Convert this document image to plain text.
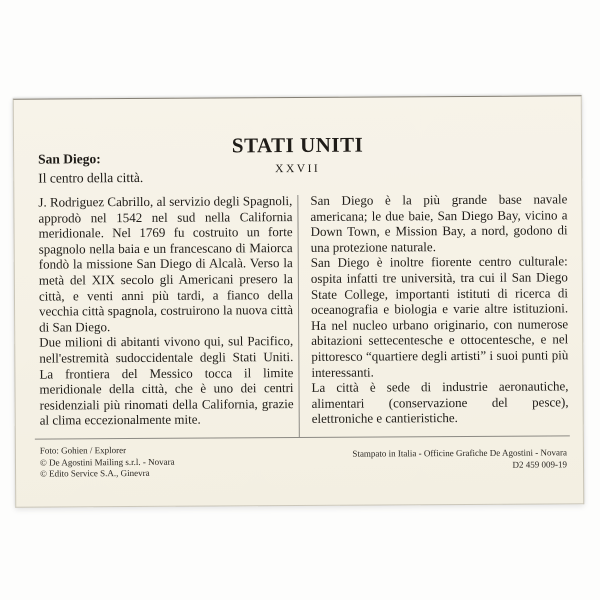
STATI UNITI
XXVII
San Diego:
Il centro della città.

J. Rodriguez Cabrillo, al servizio degli Spagnoli, approdò nel 1542 nel sud nella California meridionale. Nel 1769 fu costruito un forte spagnolo nella baia e un francescano di Maiorca fondò la missione San Diego di Alcalà. Verso la metà del XIX secolo gli Americani presero la città, e venti anni più tardi, a fianco della vecchia città spagnola, costruirono la nuova città di San Diego.

Due milioni di abitanti vivono qui, sul Pacifico, nell'estremità sudoccidentale degli Stati Uniti. La frontiera del Messico tocca il limite meridionale della città, che è uno dei centri residenziali più rinomati della California, grazie al clima eccezionalmente mite.

San Diego è la più grande base navale americana; le due baie, San Diego Bay, vicino a Down Town, e Mission Bay, a nord, godono di una protezione naturale.

San Diego è inoltre fiorente centro culturale: ospita infatti tre università, tra cui il San Diego State College, importanti istituti di ricerca di oceanografia e biologia e varie altre istituzioni. Ha nel nucleo urbano originario, con numerose abitazioni settecentesche e ottocentesche, e nel pittoresco “quartiere degli artisti” i suoi punti più interessanti.

La città è sede di industrie aeronautiche, alimentari (conservazione del pesce), elettroniche e cantieristiche.

Foto: Gohien / Explorer
© De Agostini Mailing s.r.l. - Novara
© Edito Service S.A., Ginevra
Stampato in Italia - Officine Grafiche De Agostini - Novara
D2 459 009-19
